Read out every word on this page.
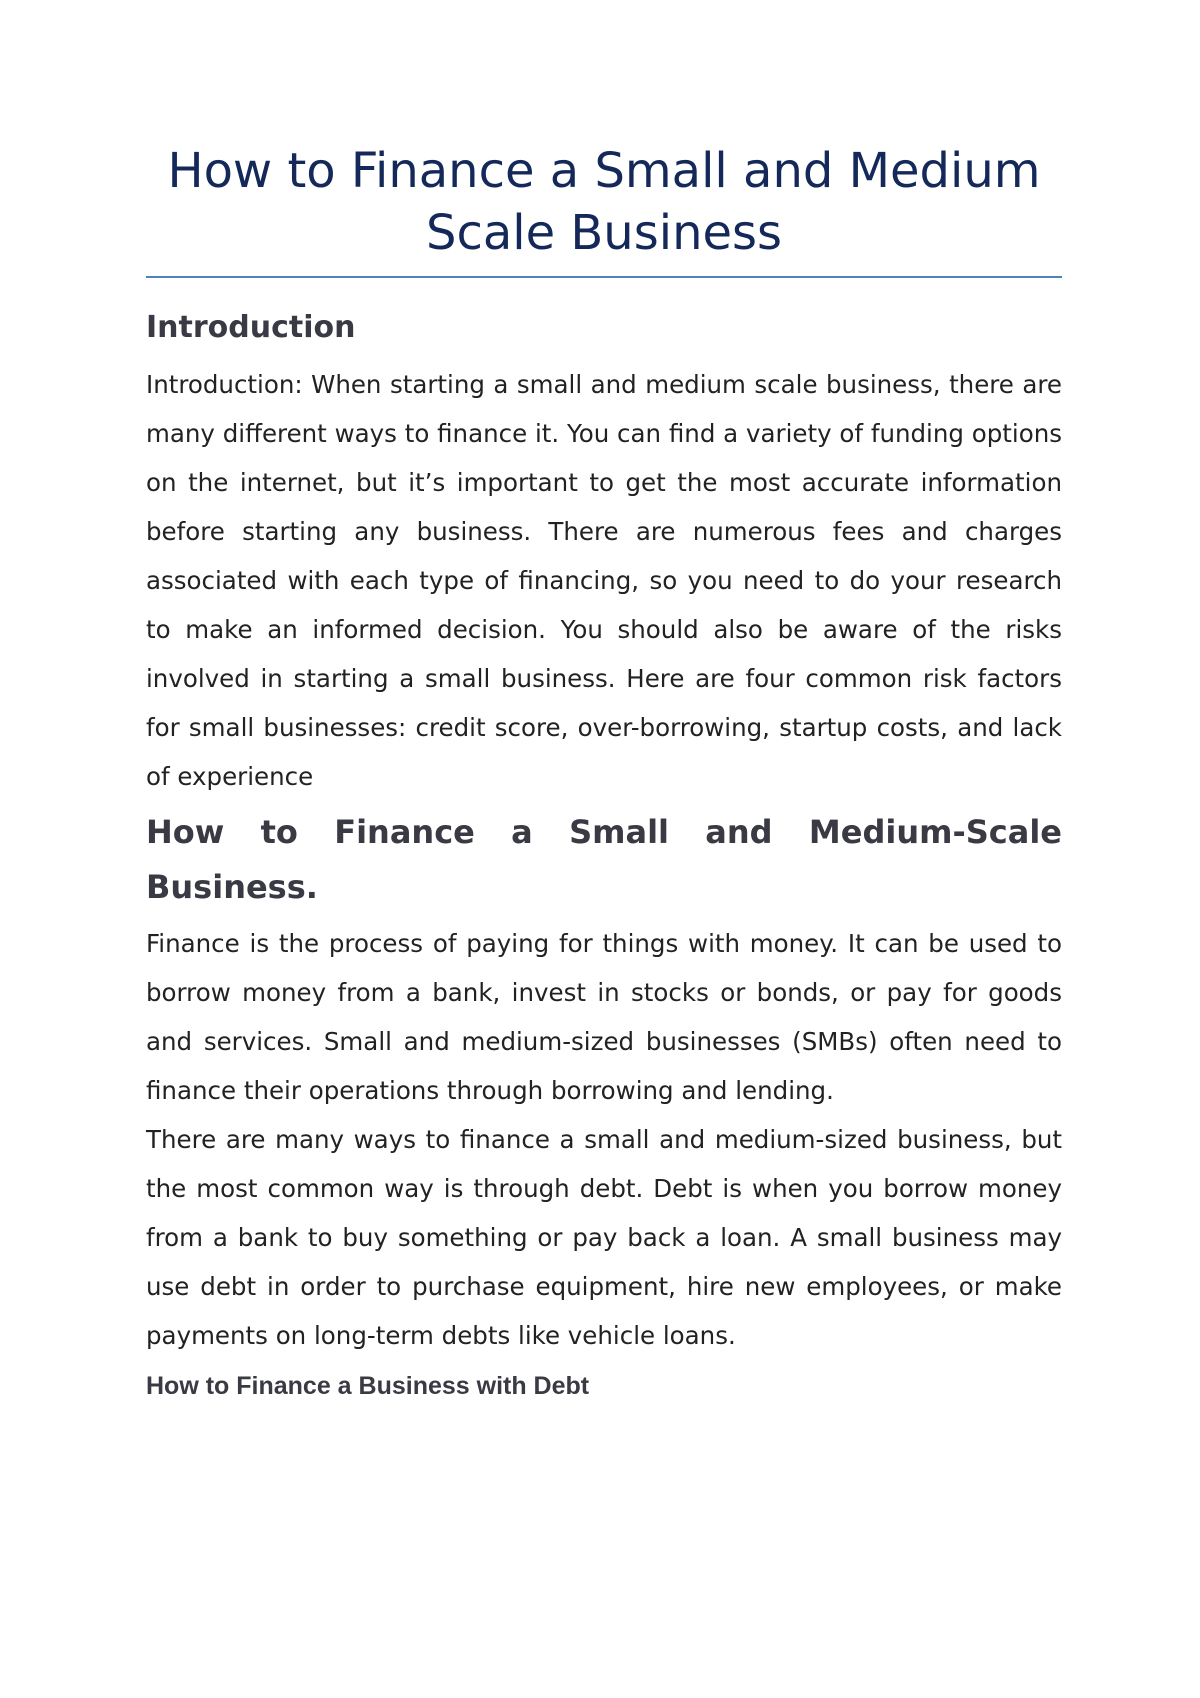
How to Finance a Small and Medium Scale Business
Introduction

Introduction: When starting a small and medium scale business, there are many different ways to finance it. You can find a variety of funding options on the internet, but it’s important to get the most accurate information before starting any business. There are numerous fees and charges associated with each type of financing, so you need to do your research to make an informed decision. You should also be aware of the risks involved in starting a small business. Here are four common risk factors for small businesses: credit score, over-borrowing, startup costs, and lack of experience

How to Finance a Small and Medium-Scale Business.

Finance is the process of paying for things with money. It can be used to borrow money from a bank, invest in stocks or bonds, or pay for goods and services. Small and medium-sized businesses (SMBs) often need to finance their operations through borrowing and lending.

There are many ways to finance a small and medium-sized business, but the most common way is through debt. Debt is when you borrow money from a bank to buy something or pay back a loan. A small business may use debt in order to purchase equipment, hire new employees, or make payments on long-term debts like vehicle loans.

How to Finance a Business with Debt
